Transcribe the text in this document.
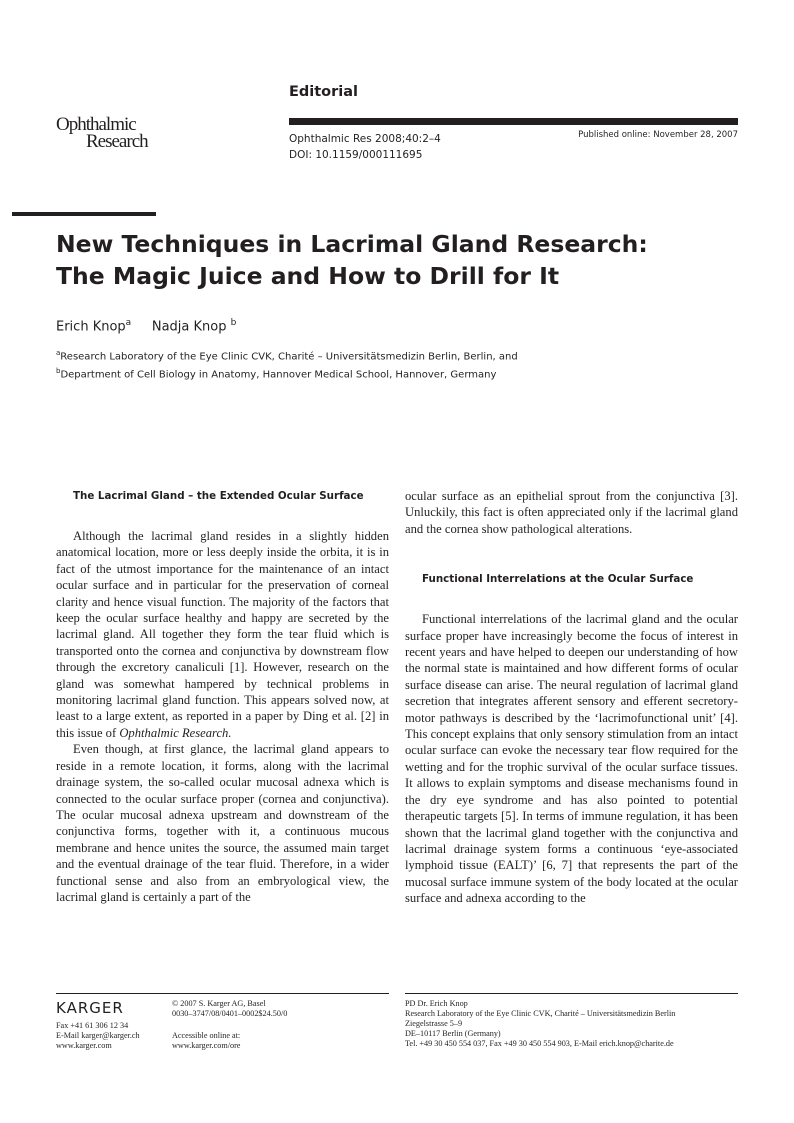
Editorial
Ophthalmic
Research	Ophthalmic Res 2008;40:2–4
DOI: 10.1159/000111695
Published online: November 28, 2007
New Techniques in Lacrimal Gland Research:
The Magic Juice and How to Drill for It
Erich Knop$^a$ Nadja Knop $^b$
$^a$Research Laboratory of the Eye Clinic CVK, Charité – Universitätsmedizin Berlin, Berlin, and
$^b$Department of Cell Biology in Anatomy, Hannover Medical School, Hannover, Germany
The Lacrimal Gland – the Extended Ocular Surface

Although the lacrimal gland resides in a slightly hidden anatomical location, more or less deeply inside the orbita, it is in fact of the utmost importance for the maintenance of an intact ocular surface and in particular for the preservation of corneal clarity and hence visual function. The majority of the factors that keep the ocular surface healthy and happy are secreted by the lacrimal gland. All together they form the tear fluid which is transported onto the cornea and conjunctiva by downstream flow through the excretory canaliculi [1]. However, research on the gland was somewhat hampered by technical problems in monitoring lacrimal gland function. This appears solved now, at least to a large extent, as reported in a paper by Ding et al. [2] in this issue of Ophthalmic Research.

Even though, at first glance, the lacrimal gland appears to reside in a remote location, it forms, along with the lacrimal drainage system, the so-called ocular mucosal adnexa which is connected to the ocular surface proper (cornea and conjunctiva). The ocular mucosal adnexa upstream and downstream of the conjunctiva forms, together with it, a continuous mucous membrane and hence unites the source, the assumed main target and the eventual drainage of the tear fluid. Therefore, in a wider functional sense and also from an embryological view, the lacrimal gland is certainly a part of the

ocular surface as an epithelial sprout from the conjunctiva [3]. Unluckily, this fact is often appreciated only if the lacrimal gland and the cornea show pathological alterations.

Functional Interrelations at the Ocular Surface

Functional interrelations of the lacrimal gland and the ocular surface proper have increasingly become the focus of interest in recent years and have helped to deepen our understanding of how the normal state is maintained and how different forms of ocular surface disease can arise. The neural regulation of lacrimal gland secretion that integrates afferent sensory and efferent secretory-motor pathways is described by the ‘lacrimofunctional unit’ [4]. This concept explains that only sensory stimulation from an intact ocular surface can evoke the necessary tear flow required for the wetting and for the trophic survival of the ocular surface tissues. It allows to explain symptoms and disease mechanisms found in the dry eye syndrome and has also pointed to potential therapeutic targets [5]. In terms of immune regulation, it has been shown that the lacrimal gland together with the conjunctiva and lacrimal drainage system forms a continuous ‘eye-associated lymphoid tissue (EALT)’ [6, 7] that represents the part of the mucosal surface immune system of the body located at the ocular surface and adnexa according to the

KARGER
Fax +41 61 306 12 34
E-Mail karger@karger.ch
www.karger.com
© 2007 S. Karger AG, Basel
0030–3747/08/0401–0002$24.50/0
Accessible online at:
www.karger.com/ore
PD Dr. Erich Knop
Research Laboratory of the Eye Clinic CVK, Charité – Universitätsmedizin Berlin
Ziegelstrasse 5–9
DE–10117 Berlin (Germany)
Tel. +49 30 450 554 037, Fax +49 30 450 554 903, E-Mail erich.knop@charite.de
